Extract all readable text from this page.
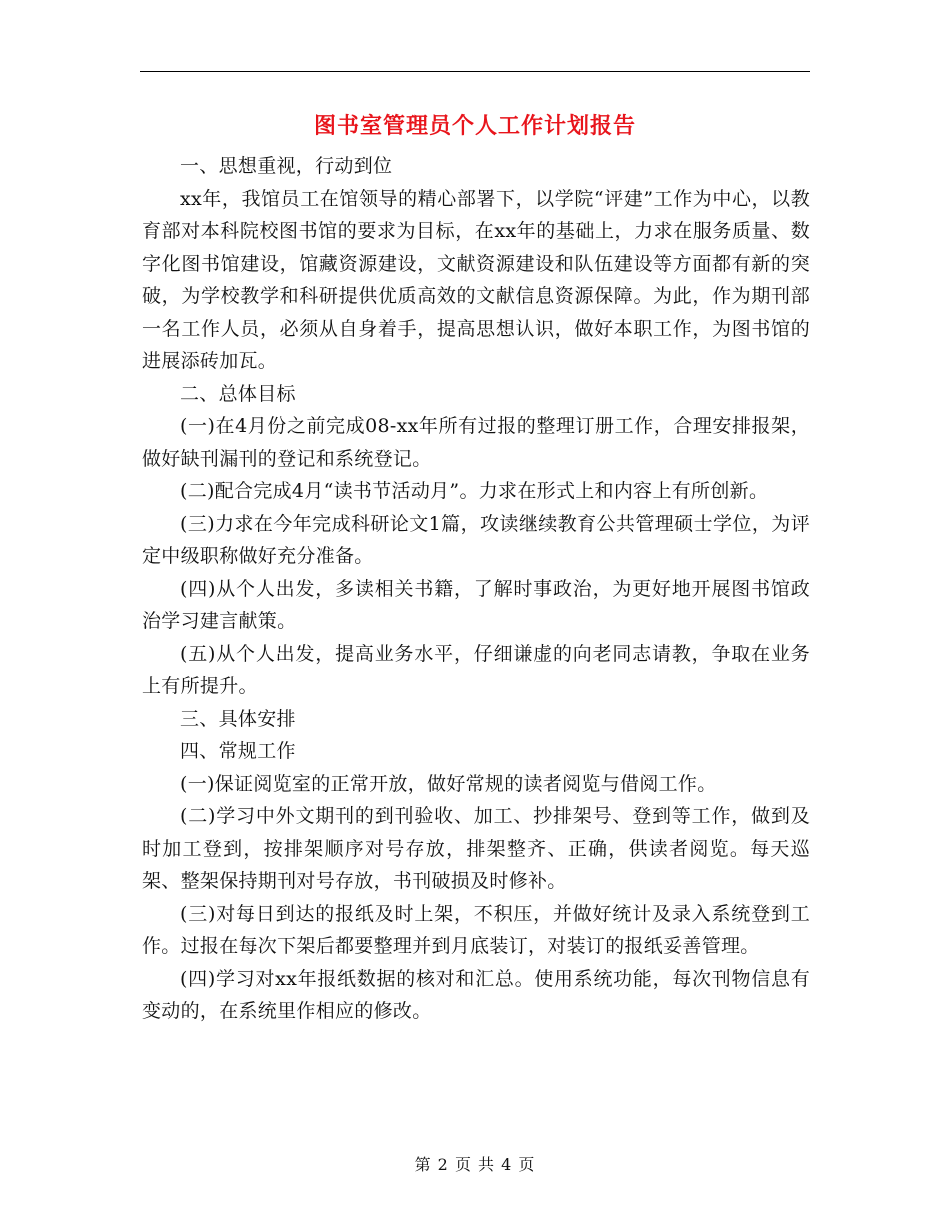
图书室管理员个人工作计划报告

一、思想重视，行动到位

xx年，我馆员工在馆领导的精心部署下，以学院“评建”工作为中心，以教育部对本科院校图书馆的要求为目标，在xx年的基础上，力求在服务质量、数字化图书馆建设，馆藏资源建设，文献资源建设和队伍建设等方面都有新的突破，为学校教学和科研提供优质高效的文献信息资源保障。为此，作为期刊部一名工作人员，必须从自身着手，提高思想认识，做好本职工作，为图书馆的进展添砖加瓦。

二、总体目标

(一)在4月份之前完成08-xx年所有过报的整理订册工作，合理安排报架，做好缺刊漏刊的登记和系统登记。

(二)配合完成4月“读书节活动月”。力求在形式上和内容上有所创新。

(三)力求在今年完成科研论文1篇，攻读继续教育公共管理硕士学位，为评定中级职称做好充分准备。

(四)从个人出发，多读相关书籍，了解时事政治，为更好地开展图书馆政治学习建言献策。

(五)从个人出发，提高业务水平，仔细谦虚的向老同志请教，争取在业务上有所提升。

三、具体安排

四、常规工作

(一)保证阅览室的正常开放，做好常规的读者阅览与借阅工作。

(二)学习中外文期刊的到刊验收、加工、抄排架号、登到等工作，做到及时加工登到，按排架顺序对号存放，排架整齐、正确，供读者阅览。每天巡架、整架保持期刊对号存放，书刊破损及时修补。

(三)对每日到达的报纸及时上架，不积压，并做好统计及录入系统登到工作。过报在每次下架后都要整理并到月底装订，对装订的报纸妥善管理。

(四)学习对xx年报纸数据的核对和汇总。使用系统功能，每次刊物信息有变动的，在系统里作相应的修改。

第 2 页 共 4 页
